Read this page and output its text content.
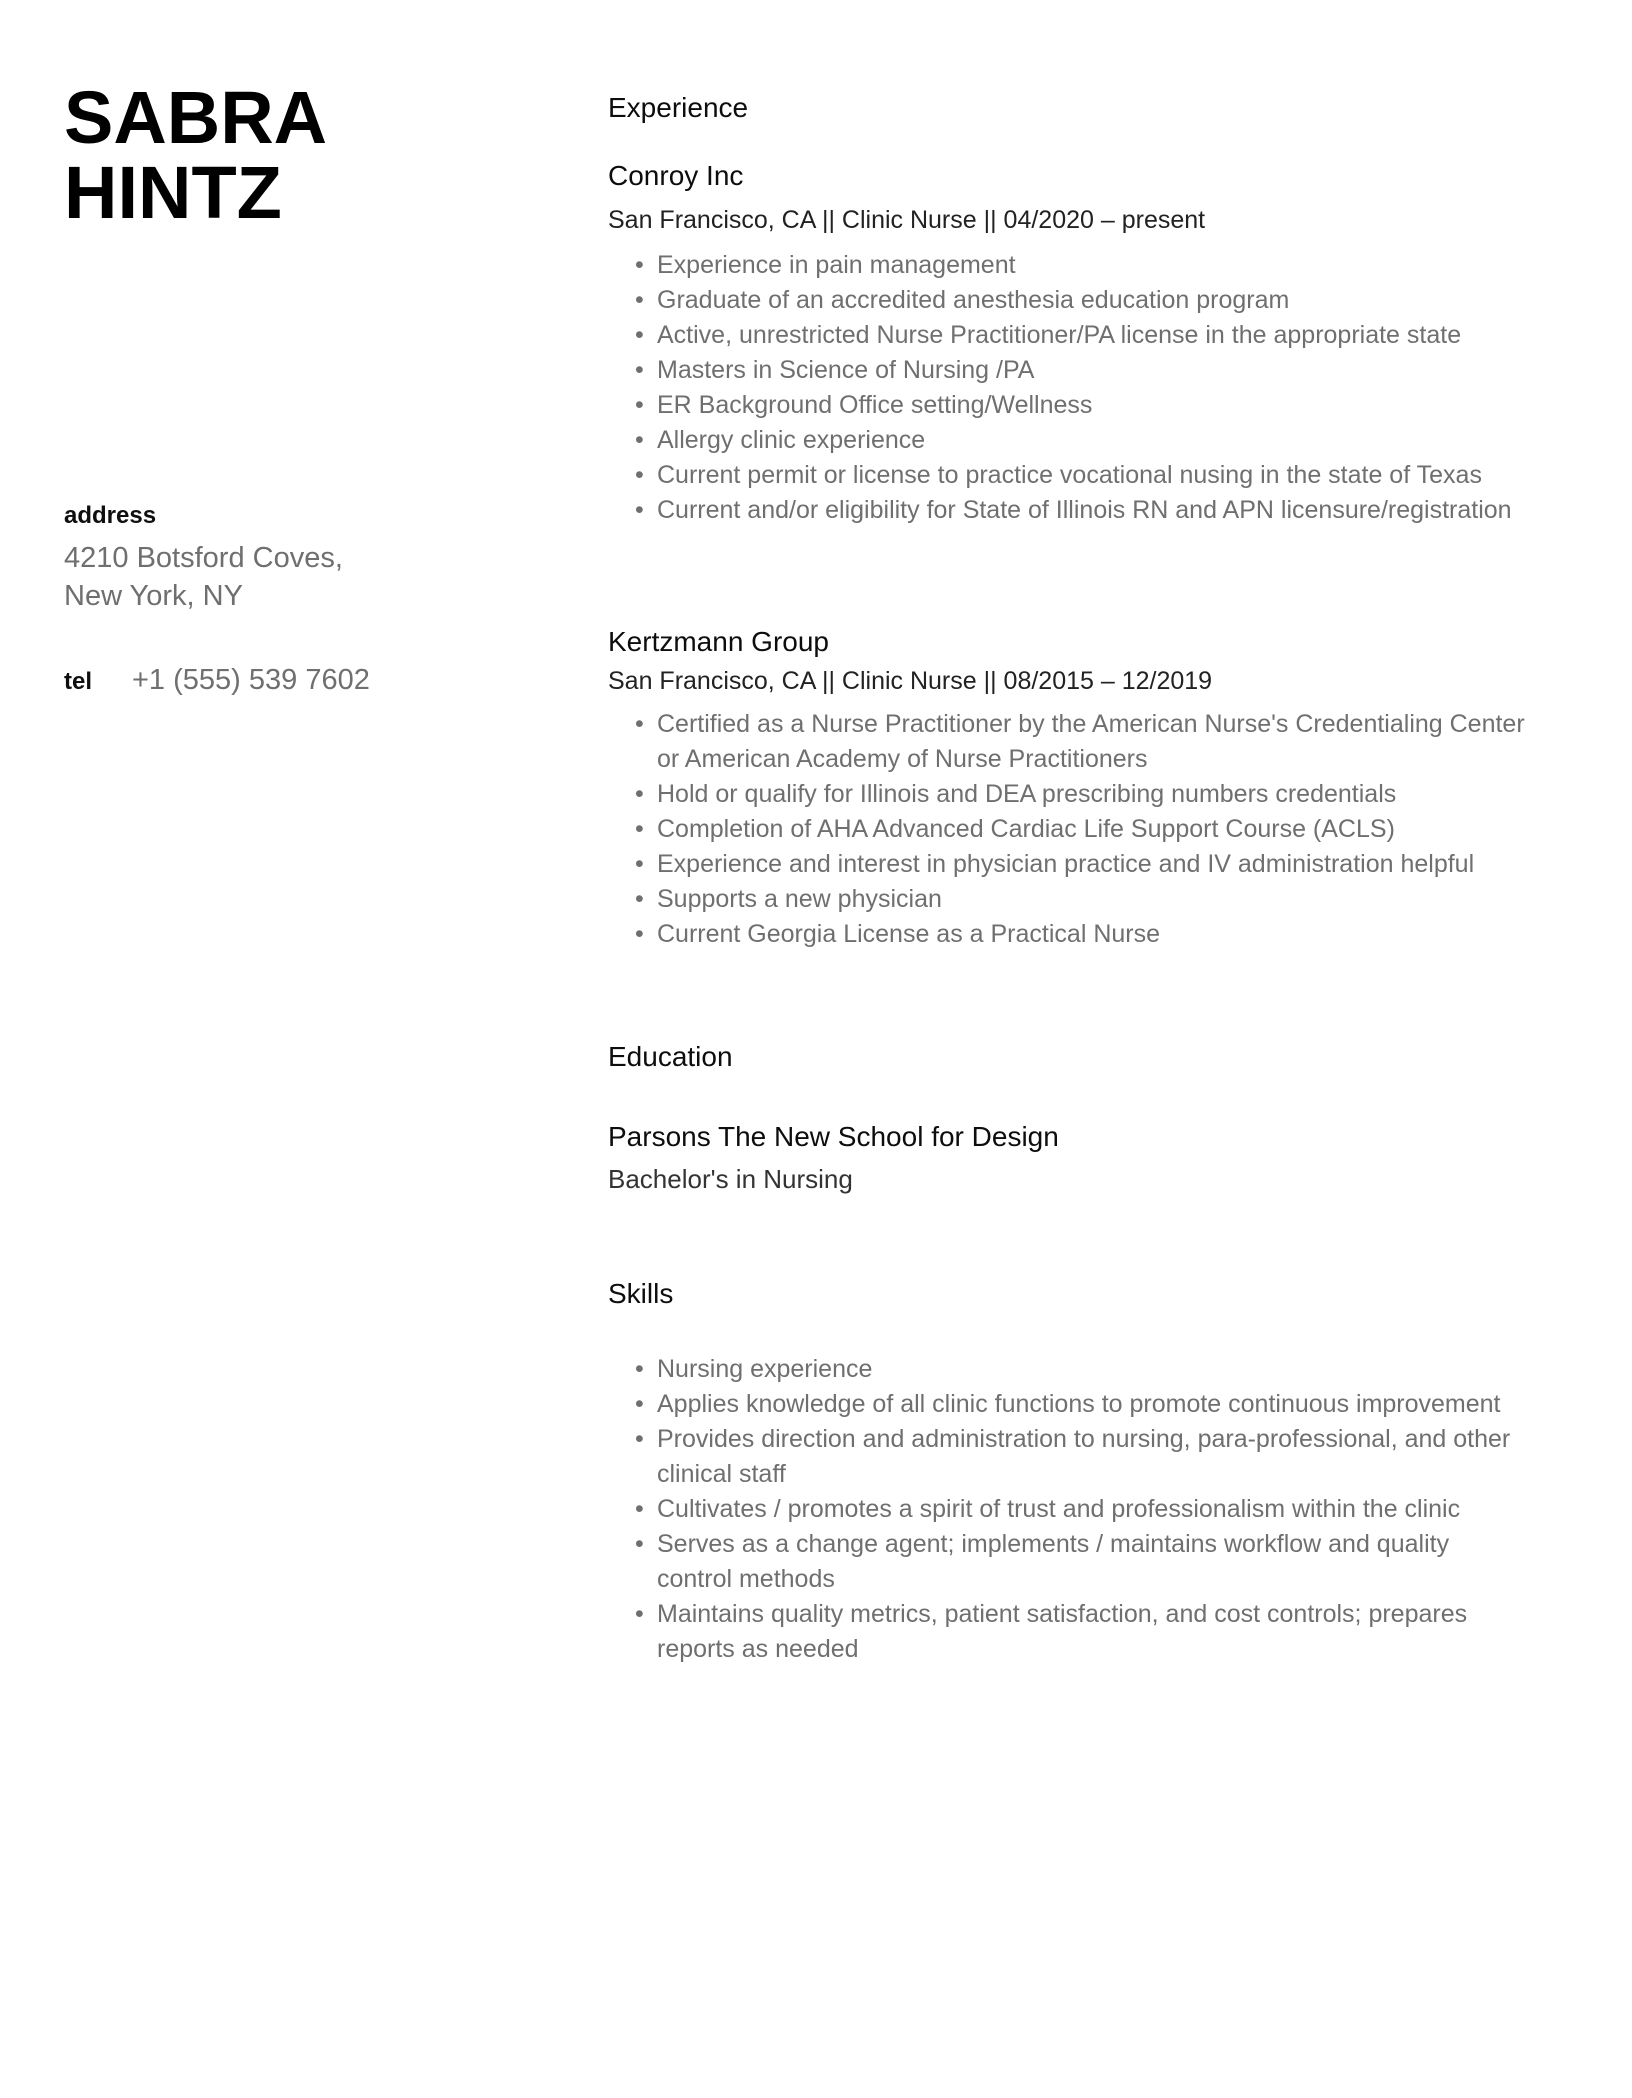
SABRA
HINTZ
address
4210 Botsford Coves,
New York, NY
tel	+1 (555) 539 7602
Experience
Conroy Inc
San Francisco, CA || Clinic Nurse || 04/2020 – present
• Experience in pain management
• Graduate of an accredited anesthesia education program
• Active, unrestricted Nurse Practitioner/PA license in the appropriate state
• Masters in Science of Nursing /PA
• ER Background Office setting/Wellness
• Allergy clinic experience
• Current permit or license to practice vocational nusing in the state of Texas
• Current and/or eligibility for State of Illinois RN and APN licensure/registration
Kertzmann Group
San Francisco, CA || Clinic Nurse || 08/2015 – 12/2019
• Certified as a Nurse Practitioner by the American Nurse's Credentialing Center or American Academy of Nurse Practitioners
• Hold or qualify for Illinois and DEA prescribing numbers credentials
• Completion of AHA Advanced Cardiac Life Support Course (ACLS)
• Experience and interest in physician practice and IV administration helpful
• Supports a new physician
• Current Georgia License as a Practical Nurse
Education
Parsons The New School for Design
Bachelor's in Nursing
Skills
• Nursing experience
• Applies knowledge of all clinic functions to promote continuous improvement
• Provides direction and administration to nursing, para-professional, and other clinical staff
• Cultivates / promotes a spirit of trust and professionalism within the clinic
• Serves as a change agent; implements / maintains workflow and quality control methods
• Maintains quality metrics, patient satisfaction, and cost controls; prepares reports as needed
